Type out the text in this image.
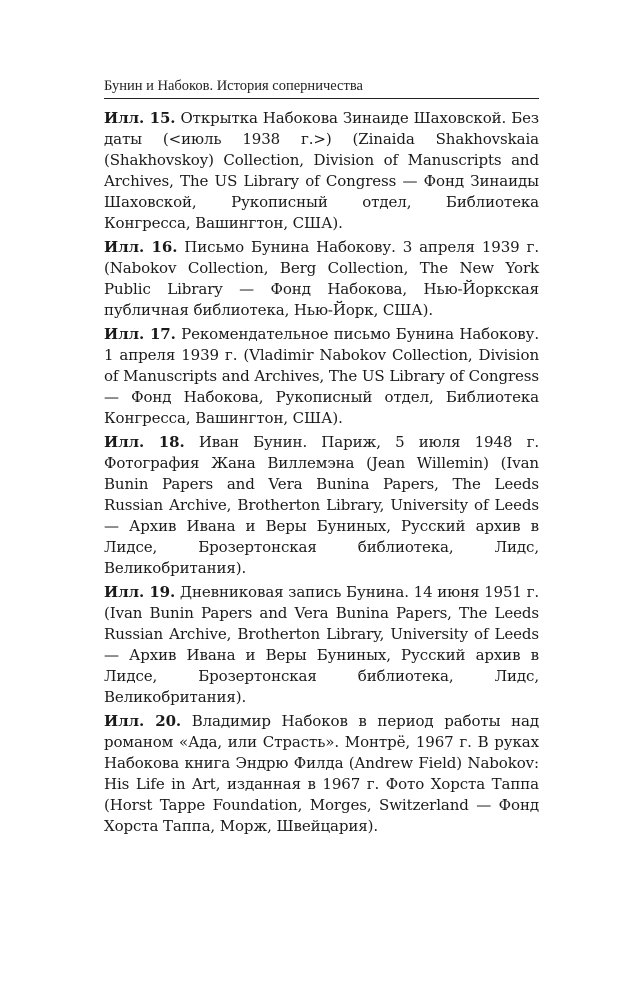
Бунин и Набоков. История соперничества

Илл. 15. Открытка Набокова Зинаиде Шаховской. Без даты (<июль 1938 г.>) (Zinaida Shakhovskaia (Shakhovskoy) Collection, Division of Manuscripts and Archives, The US Library of Congress — Фонд Зинаиды Шаховской, Рукописный отдел, Библиотека Конгресса, Вашингтон, США).

Илл. 16. Письмо Бунина Набокову. 3 апреля 1939 г. (Nabokov Collection, Berg Collection, The New York Public Library — Фонд Набокова, Нью-Йоркская публичная библиотека, Нью-Йорк, США).

Илл. 17. Рекомендательное письмо Бунина Набокову. 1 апреля 1939 г. (Vladimir Nabokov Collection, Division of Manuscripts and Archives, The US Library of Congress — Фонд Набокова, Рукописный отдел, Библиотека Конгресса, Вашингтон, США).

Илл. 18. Иван Бунин. Париж, 5 июля 1948 г. Фотография Жана Виллемэна (Jean Willemin) (Ivan Bunin Papers and Vera Bunina Papers, The Leeds Russian Archive, Brotherton Library, University of Leeds — Архив Ивана и Веры Буниных, Русский архив в Лидсе, Брозертонская библиотека, Лидс, Великобритания).

Илл. 19. Дневниковая запись Бунина. 14 июня 1951 г. (Ivan Bunin Papers and Vera Bunina Papers, The Leeds Russian Archive, Brotherton Library, University of Leeds — Архив Ивана и Веры Буниных, Русский архив в Лидсе, Брозертонская библиотека, Лидс, Великобритания).

Илл. 20. Владимир Набоков в период работы над романом «Ада, или Страсть». Монтрё, 1967 г. В руках Набокова книга Эндрю Филда (Andrew Field) Nabokov: His Life in Art, изданная в 1967 г. Фото Хорста Таппа (Horst Tappe Foundation, Morges, Switzerland — Фонд Хорста Таппа, Морж, Швейцария).
